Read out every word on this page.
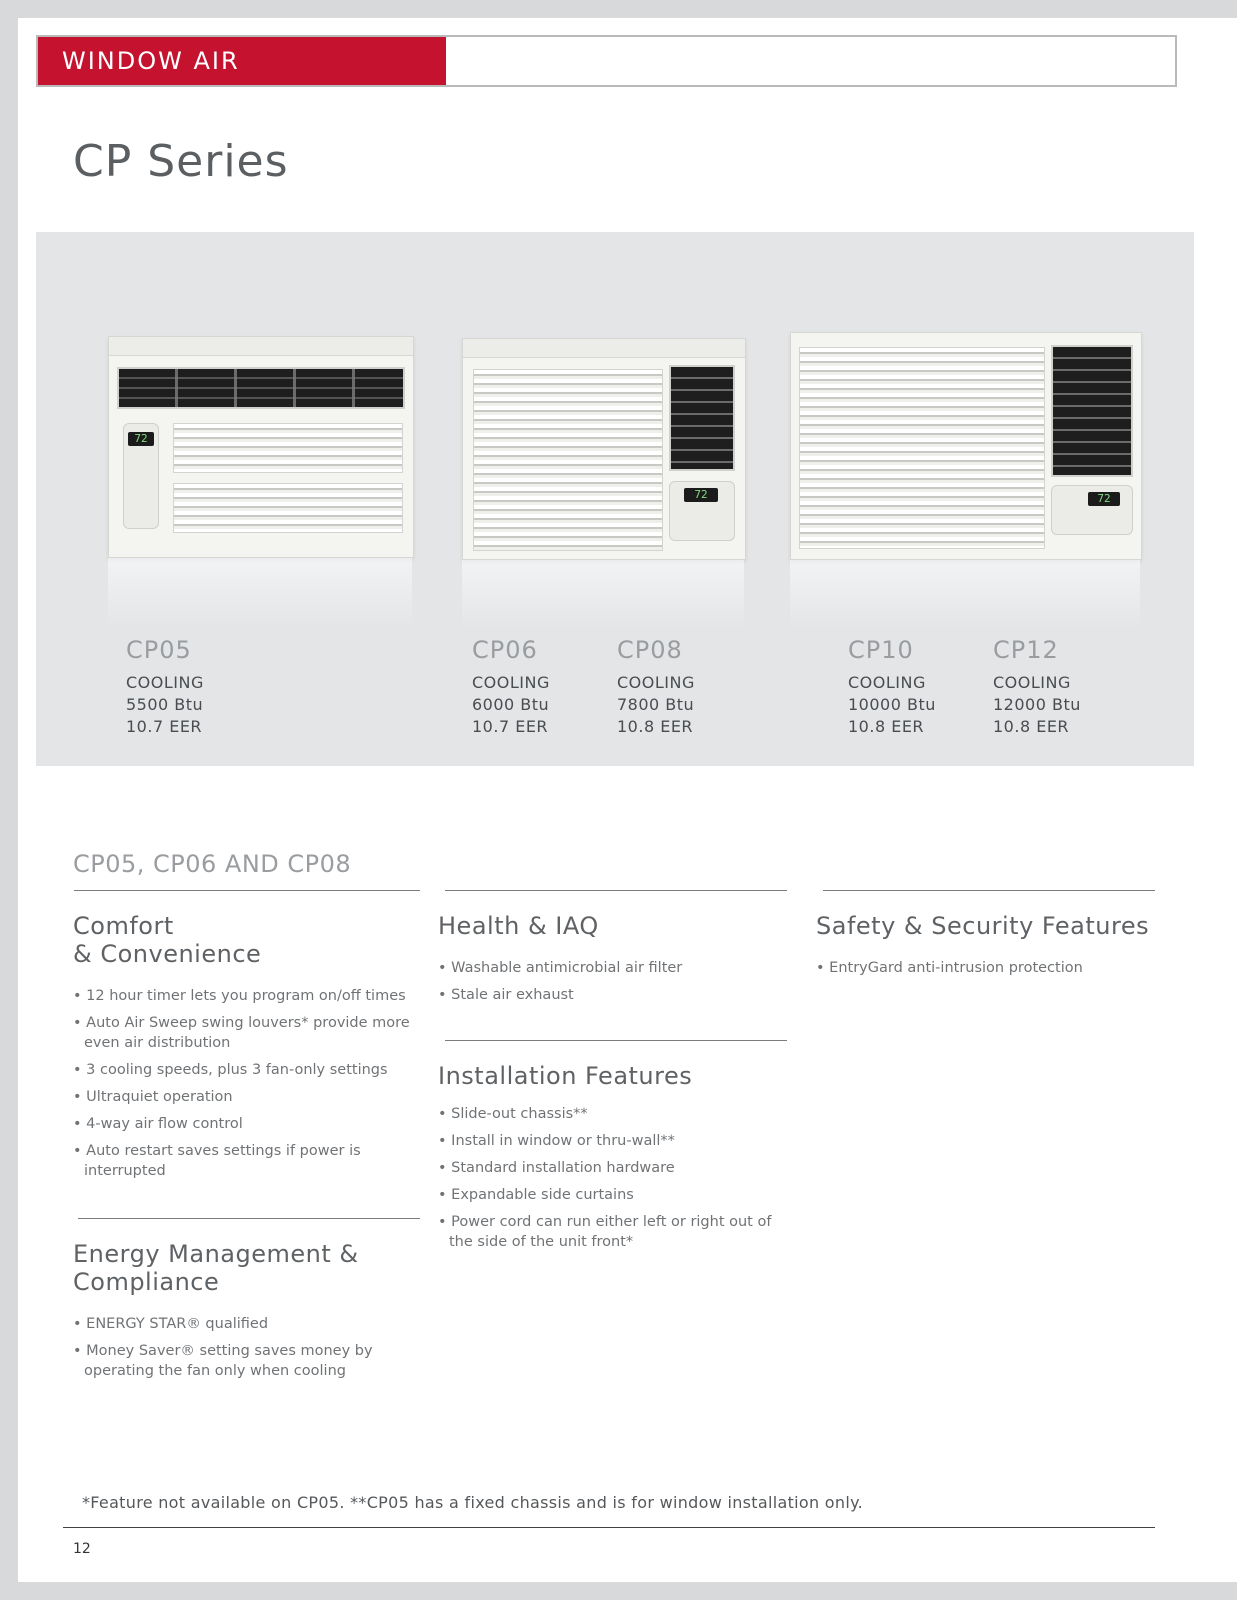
WINDOW AIR CONDITIONERS
CP Series
72
72	72
CP05
COOLING
5500 Btu
10.7 EER
CP06
COOLING
6000 Btu
10.7 EER
CP08
COOLING
7800 Btu
10.8 EER
CP10
COOLING
10000 Btu
10.8 EER
CP12
COOLING
12000 Btu
10.8 EER
CP05, CP06 AND CP08
Comfort
& Convenience
• 12 hour timer lets you program on/off times
• Auto Air Sweep swing louvers* provide more even air distribution
• 3 cooling speeds, plus 3 fan-only settings
• Ultraquiet operation
• 4-way air flow control
• Auto restart saves settings if power is interrupted
Energy Management &
Compliance
• ENERGY STAR® qualified
• Money Saver® setting saves money by operating the fan only when cooling
Health & IAQ
• Washable antimicrobial air filter
• Stale air exhaust
Installation Features
• Slide-out chassis**
• Install in window or thru-wall**
• Standard installation hardware
• Expandable side curtains
• Power cord can run either left or right out of the side of the unit front*
Safety & Security Features
• EntryGard anti-intrusion protection
*Feature not available on CP05. **CP05 has a fixed chassis and is for window installation only.
12
